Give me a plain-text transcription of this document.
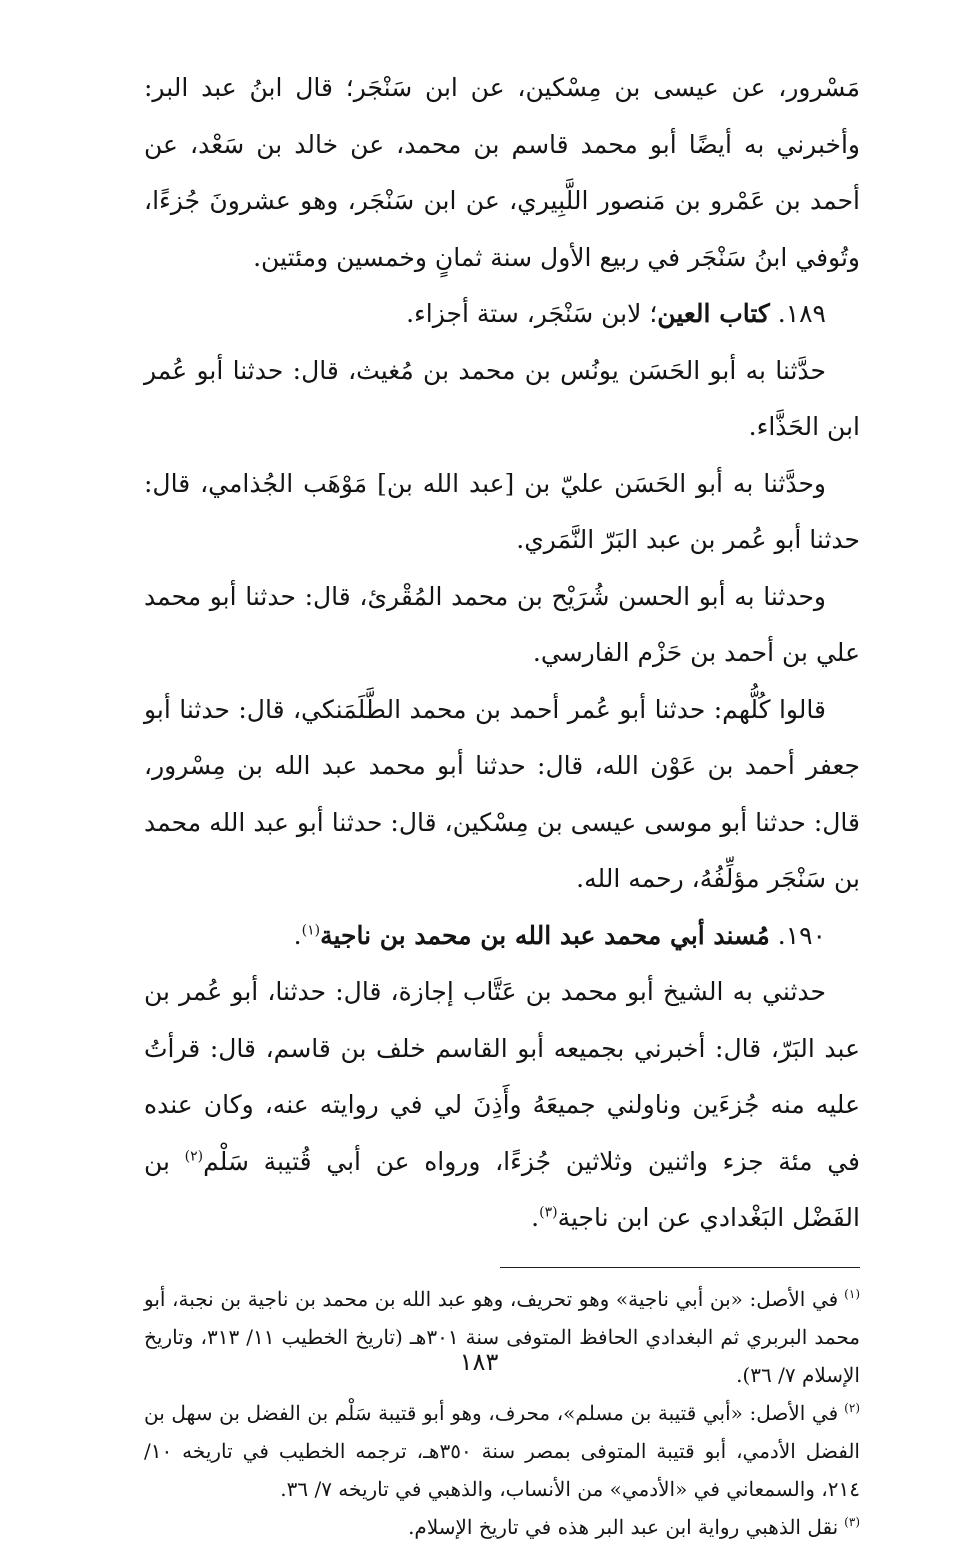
مَسْرور، عن عيسى بن مِسْكين، عن ابن سَنْجَر؛ قال ابنُ عبد البر: وأخبرني به أيضًا أبو محمد قاسم بن محمد، عن خالد بن سَعْد، عن أحمد بن عَمْرو بن مَنصور اللَّبِيري، عن ابن سَنْجَر، وهو عشرونَ جُزءًا، وتُوفي ابنُ سَنْجَر في ربيع الأول سنة ثمانٍ وخمسين ومئتين.

١٨٩. كتاب العين؛ لابن سَنْجَر، ستة أجزاء.

حدَّثنا به أبو الحَسَن يونُس بن محمد بن مُغيث، قال: حدثنا أبو عُمر ابن الحَذَّاء.

وحدَّثنا به أبو الحَسَن عليّ بن [عبد الله بن] مَوْهَب الجُذامي، قال: حدثنا أبو عُمر بن عبد البَرّ النَّمَري.

وحدثنا به أبو الحسن شُرَيْح بن محمد المُقْرئ، قال: حدثنا أبو محمد علي بن أحمد بن حَزْم الفارسي.

قالوا كُلُّهم: حدثنا أبو عُمر أحمد بن محمد الطَّلَمَنكي، قال: حدثنا أبو جعفر أحمد بن عَوْن الله، قال: حدثنا أبو محمد عبد الله بن مِسْرور، قال: حدثنا أبو موسى عيسى بن مِسْكين، قال: حدثنا أبو عبد الله محمد بن سَنْجَر مؤلِّفُهُ، رحمه الله.

١٩٠. مُسند أبي محمد عبد الله بن محمد بن ناجية$^{(١)}$.

حدثني به الشيخ أبو محمد بن عَتَّاب إجازة، قال: حدثنا، أبو عُمر بن عبد البَرّ، قال: أخبرني بجميعه أبو القاسم خلف بن قاسم، قال: قرأتُ عليه منه جُزءَين وناولني جميعَهُ وأَذِنَ لي في روايته عنه، وكان عنده في مئة جزء واثنين وثلاثين جُزءًا، ورواه عن أبي قُتيبة سَلْم$^{(٢)}$ بن الفَضْل البَغْدادي عن ابن ناجية$^{(٣)}$.

$^{(١)}$في الأصل: «بن أبي ناجية» وهو تحريف، وهو عبد الله بن محمد بن ناجية بن نجبة، أبو محمد البربري ثم البغدادي الحافظ المتوفى سنة ٣٠١هـ (تاريخ الخطيب ١١/ ٣١٣، وتاريخ الإسلام ٧/ ٣٦).

$^{(٢)}$في الأصل: «أبي قتيبة بن مسلم»، محرف، وهو أبو قتيبة سَلْم بن الفضل بن سهل بن الفضل الأدمي، أبو قتيبة المتوفى بمصر سنة ٣٥٠هـ، ترجمه الخطيب في تاريخه ١٠/ ٢١٤، والسمعاني في «الأدمي» من الأنساب، والذهبي في تاريخه ٧/ ٣٦.

$^{(٣)}$نقل الذهبي رواية ابن عبد البر هذه في تاريخ الإسلام.

١٨٣
